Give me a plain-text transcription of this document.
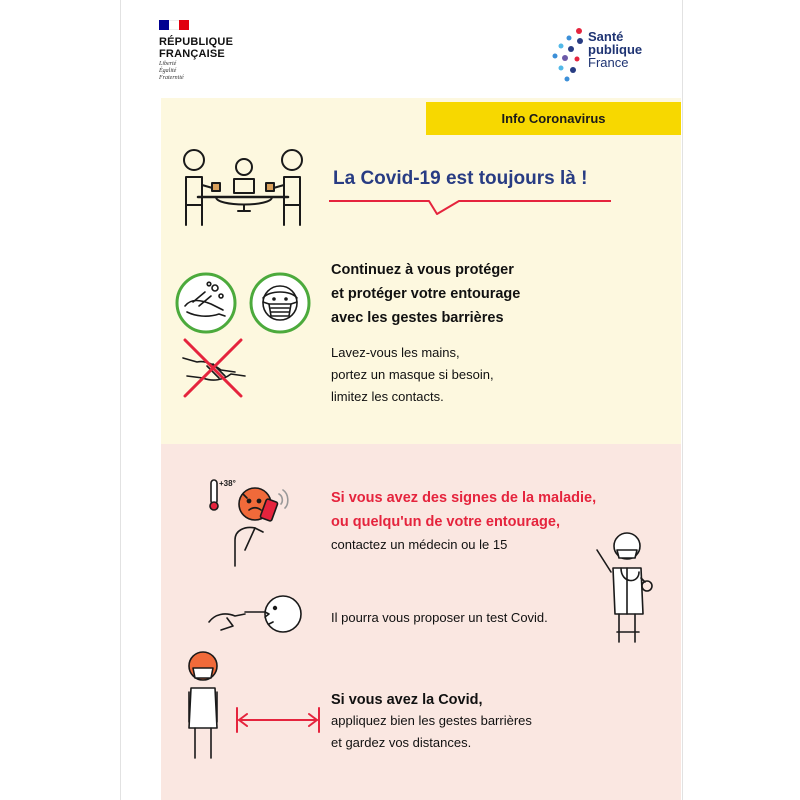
RÉPUBLIQUE
FRANÇAISE
Liberté
Égalité
Fraternité
Santé
publique
France
Info Coronavirus
La Covid-19 est toujours là !
Continuez à vous protéger
et protéger votre entourage
avec les gestes barrières
Lavez-vous les mains,
portez un masque si besoin,
limitez les contacts.
+38°
Si vous avez des signes de la maladie,
ou quelqu'un de votre entourage,
contactez un médecin ou le 15
Il pourra vous proposer un test Covid.
Si vous avez la Covid,
appliquez bien les gestes barrières
et gardez vos distances.
